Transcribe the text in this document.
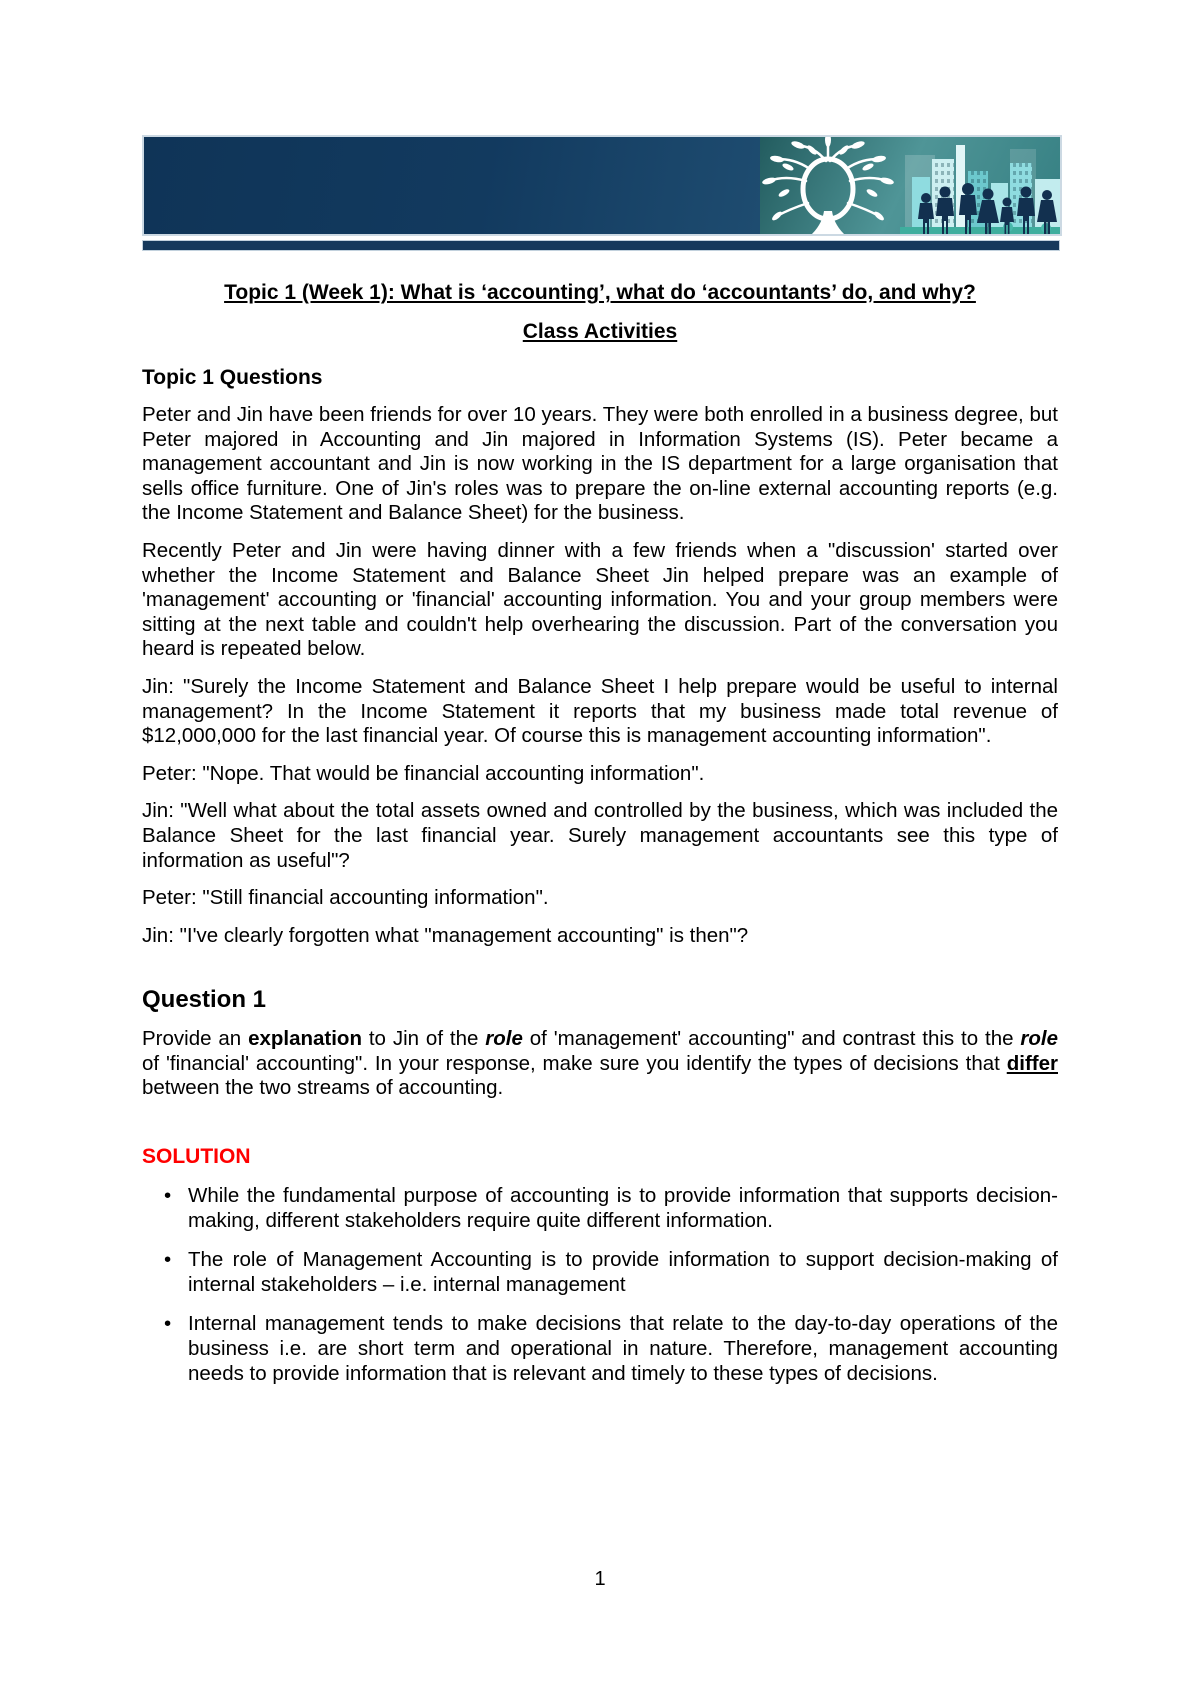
Topic 1 (Week 1): What is ‘accounting’, what do ‘accountants’ do, and why?
Class Activities
Topic 1 Questions

Peter and Jin have been friends for over 10 years. They were both enrolled in a business degree, but Peter majored in Accounting and Jin majored in Information Systems (IS). Peter became a management accountant and Jin is now working in the IS department for a large organisation that sells office furniture. One of Jin's roles was to prepare the on-line external accounting reports (e.g. the Income Statement and Balance Sheet) for the business.

Recently Peter and Jin were having dinner with a few friends when a "discussion' started over whether the Income Statement and Balance Sheet Jin helped prepare was an example of 'management' accounting or 'financial' accounting information. You and your group members were sitting at the next table and couldn't help overhearing the discussion. Part of the conversation you heard is repeated below.

Jin: "Surely the Income Statement and Balance Sheet I help prepare would be useful to internal management? In the Income Statement it reports that my business made total revenue of $12,000,000 for the last financial year. Of course this is management accounting information".

Peter: "Nope. That would be financial accounting information".

Jin: "Well what about the total assets owned and controlled by the business, which was included the Balance Sheet for the last financial year. Surely management accountants see this type of information as useful"?

Peter: "Still financial accounting information".

Jin: "I've clearly forgotten what "management accounting" is then"?

Question 1

Provide an explanation to Jin of the role of 'management' accounting" and contrast this to the role of 'financial' accounting". In your response, make sure you identify the types of decisions that differ between the two streams of accounting.

SOLUTION
• While the fundamental purpose of accounting is to provide information that supports decision-making, different stakeholders require quite different information.
• The role of Management Accounting is to provide information to support decision-making of internal stakeholders – i.e. internal management
• Internal management tends to make decisions that relate to the day-to-day operations of the business i.e. are short term and operational in nature. Therefore, management accounting needs to provide information that is relevant and timely to these types of decisions.
1
